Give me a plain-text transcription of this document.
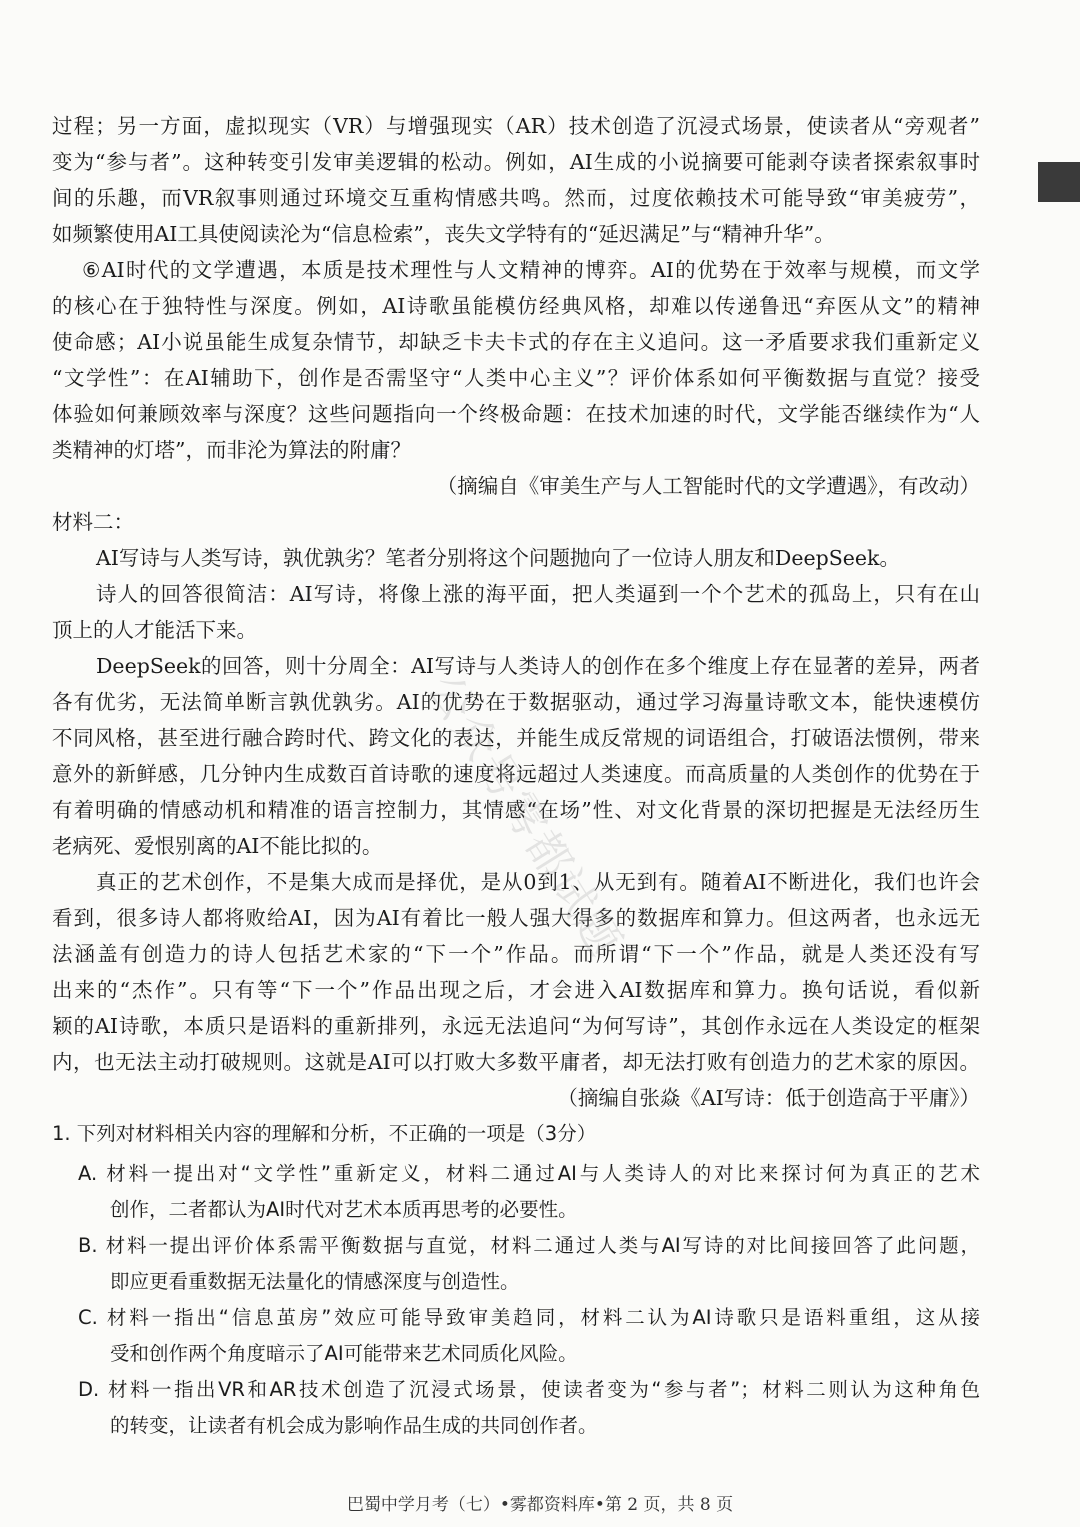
过程；另一方面，虚拟现实（VR）与增强现实（AR）技术创造了沉浸式场景，使读者从“旁观者”
变为“参与者”。这种转变引发审美逻辑的松动。例如，AI生成的小说摘要可能剥夺读者探索叙事时
间的乐趣，而VR叙事则通过环境交互重构情感共鸣。然而，过度依赖技术可能导致“审美疲劳”，
如频繁使用AI工具使阅读沦为“信息检索”，丧失文学特有的“延迟满足”与“精神升华”。
⑥AI时代的文学遭遇，本质是技术理性与人文精神的博弈。AI的优势在于效率与规模，而文学
的核心在于独特性与深度。例如，AI诗歌虽能模仿经典风格，却难以传递鲁迅“弃医从文”的精神
使命感；AI小说虽能生成复杂情节，却缺乏卡夫卡式的存在主义追问。这一矛盾要求我们重新定义
“文学性”：在AI辅助下，创作是否需坚守“人类中心主义”？评价体系如何平衡数据与直觉？接受
体验如何兼顾效率与深度？这些问题指向一个终极命题：在技术加速的时代，文学能否继续作为“人
类精神的灯塔”，而非沦为算法的附庸？
（摘编自《审美生产与人工智能时代的文学遭遇》，有改动）
材料二：
AI写诗与人类写诗，孰优孰劣？笔者分别将这个问题抛向了一位诗人朋友和DeepSeek。
诗人的回答很简洁：AI写诗，将像上涨的海平面，把人类逼到一个个艺术的孤岛上，只有在山
顶上的人才能活下来。
DeepSeek的回答，则十分周全：AI写诗与人类诗人的创作在多个维度上存在显著的差异，两者
各有优劣，无法简单断言孰优孰劣。AI的优势在于数据驱动，通过学习海量诗歌文本，能快速模仿
不同风格，甚至进行融合跨时代、跨文化的表达，并能生成反常规的词语组合，打破语法惯例，带来
意外的新鲜感，几分钟内生成数百首诗歌的速度将远超过人类速度。而高质量的人类创作的优势在于
有着明确的情感动机和精准的语言控制力，其情感“在场”性、对文化背景的深切把握是无法经历生
老病死、爱恨别离的AI不能比拟的。
真正的艺术创作，不是集大成而是择优，是从0到1、从无到有。随着AI不断进化，我们也许会
看到，很多诗人都将败给AI，因为AI有着比一般人强大得多的数据库和算力。但这两者，也永远无
法涵盖有创造力的诗人包括艺术家的“下一个”作品。而所谓“下一个”作品，就是人类还没有写
出来的“杰作”。只有等“下一个”作品出现之后，才会进入AI数据库和算力。换句话说，看似新
颖的AI诗歌，本质只是语料的重新排列，永远无法追问“为何写诗”，其创作永远在人类设定的框架
内，也无法主动打破规则。这就是AI可以打败大多数平庸者，却无法打败有创造力的艺术家的原因。
（摘编自张焱《AI写诗：低于创造高于平庸》）
1. 下列对材料相关内容的理解和分析，不正确的一项是（3分）
A. 材料一提出对“文学性”重新定义，材料二通过AI与人类诗人的对比来探讨何为真正的艺术
创作，二者都认为AI时代对艺术本质再思考的必要性。
B. 材料一提出评价体系需平衡数据与直觉，材料二通过人类与AI写诗的对比间接回答了此问题，
即应更看重数据无法量化的情感深度与创造性。
C. 材料一指出“信息茧房”效应可能导致审美趋同，材料二认为AI诗歌只是语料重组，这从接
受和创作两个角度暗示了AI可能带来艺术同质化风险。
D. 材料一指出VR和AR技术创造了沉浸式场景，使读者变为“参与者”；材料二则认为这种角色
的转变，让读者有机会成为影响作品生成的共同创作者。
公众号雾都试题
巴蜀中学月考（七）•雾都资料库•第 2 页，共 8 页
